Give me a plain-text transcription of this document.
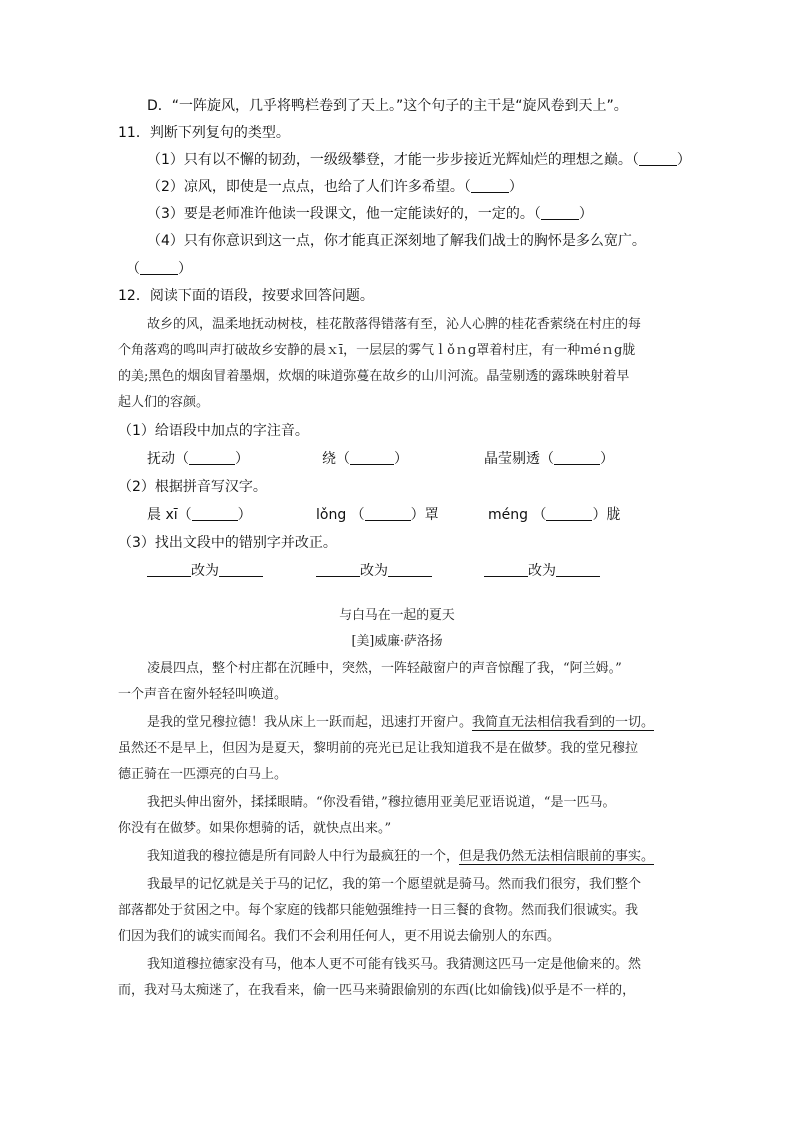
D．“一阵旋风，几乎将鸭栏卷到了天上。”这个句子的主干是“旋风卷到天上”。
11．判断下列复句的类型。
（1）只有以不懈的韧劲，一级级攀登，才能一步步接近光辉灿烂的理想之巅。（	）
（2）凉风，即使是一点点，也给了人们许多希望。（	）
（3）要是老师准许他读一段课文，他一定能读好的，一定的。（	）
（4）只有你意识到这一点，你才能真正深刻地了解我们战士的胸怀是多么宽广。
（	）
12．阅读下面的语段，按要求回答问题。
故乡的风，温柔地抚动树枝，桂花散落得错落有至，沁人心脾的桂花香萦绕在村庄的每
个角落鸡的鸣叫声打破故乡安静的晨ｘī，一层层的雾气ｌǒｎg罩着村庄，有一种ｍéｎg胧
的美;黑色的烟囱冒着墨烟，炊烟的味道弥蔓在故乡的山川河流。晶莹剔透的露珠映射着早
起人们的容颜。
（1）给语段中加点的字注音。
抚动（	）	绕（	）	晶莹剔透（	）
（2）根据拼音写汉字。
晨 xī（	）	lǒng （	）罩	méng （	）胧
（3）找出文段中的错别字并改正。
改为	改为	改为
与白马在一起的夏天
[美]威廉·萨洛扬
凌晨四点，整个村庄都在沉睡中，突然，一阵轻敲窗户的声音惊醒了我，“阿兰姆。”
一个声音在窗外轻轻叫唤道。
是我的堂兄穆拉德！我从床上一跃而起，迅速打开窗户。我简直无法相信我看到的一切。
虽然还不是早上，但因为是夏天，黎明前的亮光已足让我知道我不是在做梦。我的堂兄穆拉
德正骑在一匹漂亮的白马上。
我把头伸出窗外，揉揉眼睛。“你没看错，”穆拉德用亚美尼亚语说道，“是一匹马。
你没有在做梦。如果你想骑的话，就快点出来。”
我知道我的穆拉德是所有同龄人中行为最疯狂的一个，但是我仍然无法相信眼前的事实。
我最早的记忆就是关于马的记忆，我的第一个愿望就是骑马。然而我们很穷，我们整个
部落都处于贫困之中。每个家庭的钱都只能勉强维持一日三餐的食物。然而我们很诚实。我
们因为我们的诚实而闻名。我们不会利用任何人，更不用说去偷别人的东西。
我知道穆拉德家没有马，他本人更不可能有钱买马。我猜测这匹马一定是他偷来的。然
而，我对马太痴迷了，在我看来，偷一匹马来骑跟偷别的东西(比如偷钱)似乎是不一样的，
